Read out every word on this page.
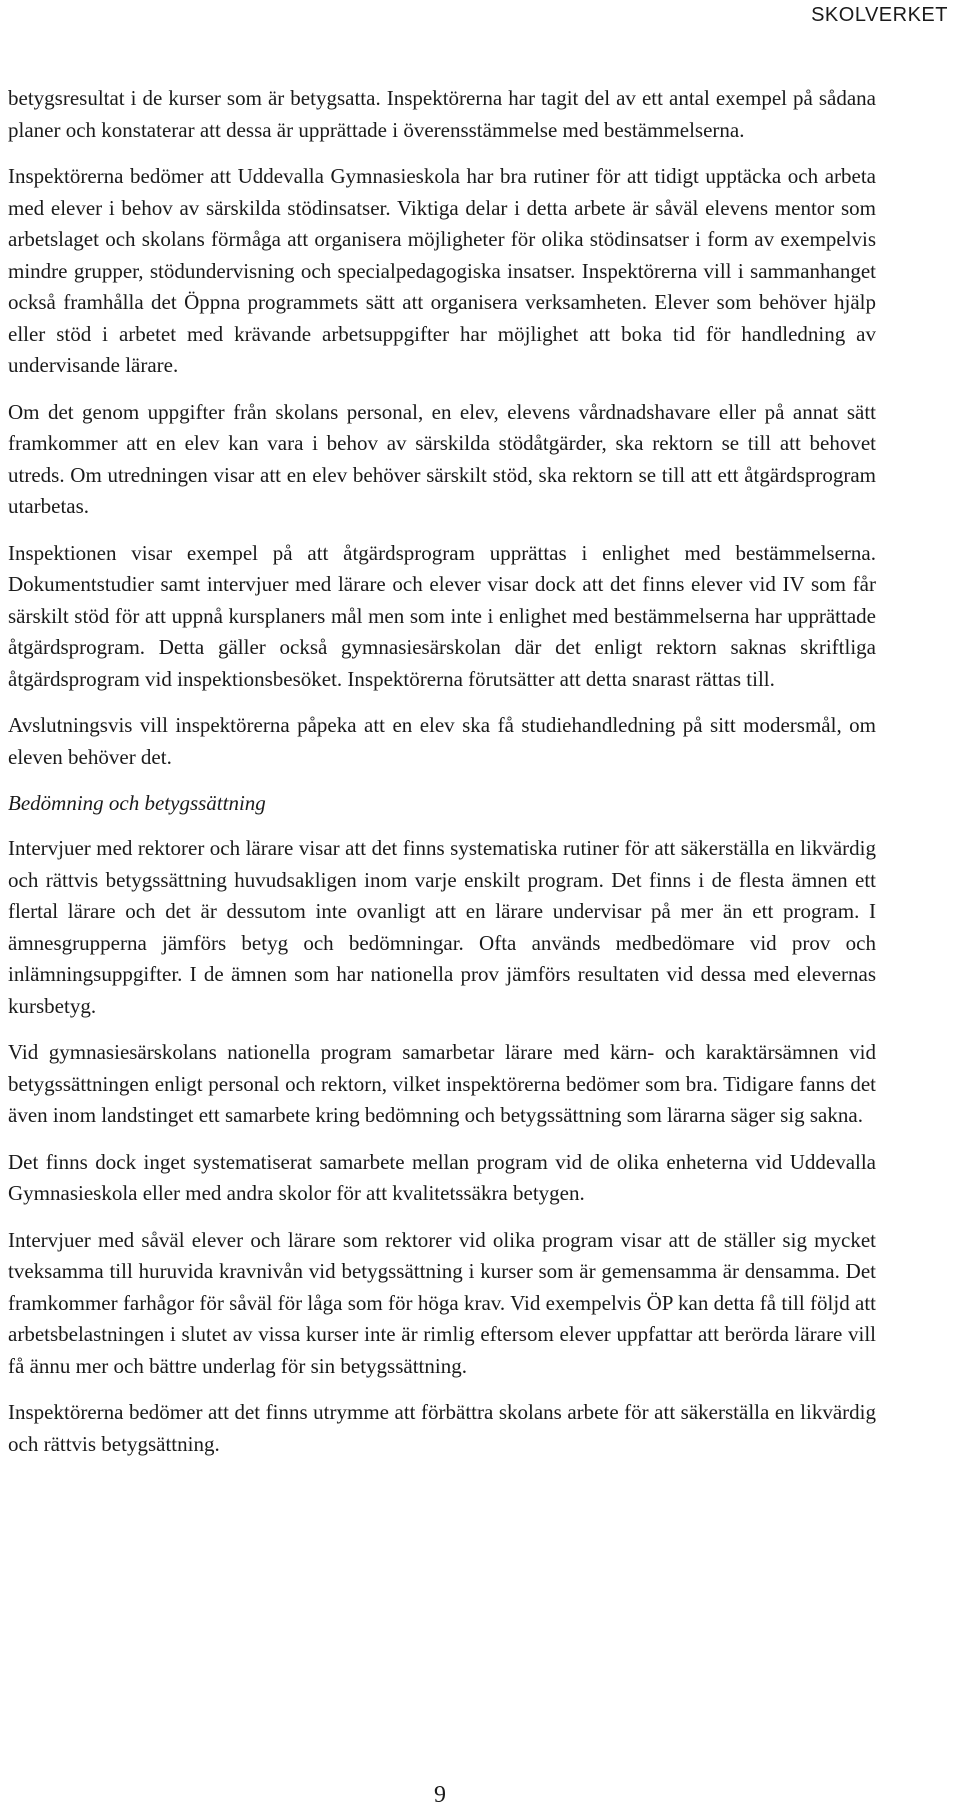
SKOLVERKET

betygsresultat i de kurser som är betygsatta. Inspektörerna har tagit del av ett antal exempel på sådana planer och konstaterar att dessa är upprättade i överensstämmelse med bestämmelserna.

Inspektörerna bedömer att Uddevalla Gymnasieskola har bra rutiner för att tidigt upptäcka och arbeta med elever i behov av särskilda stödinsatser. Viktiga delar i detta arbete är såväl elevens mentor som arbetslaget och skolans förmåga att organisera möjligheter för olika stödinsatser i form av exempelvis mindre grupper, stödundervisning och specialpedagogiska insatser. Inspektörerna vill i sammanhanget också framhålla det Öppna programmets sätt att organisera verksamheten. Elever som behöver hjälp eller stöd i arbetet med krävande arbetsuppgifter har möjlighet att boka tid för handledning av undervisande lärare.

Om det genom uppgifter från skolans personal, en elev, elevens vårdnadshavare eller på annat sätt framkommer att en elev kan vara i behov av särskilda stödåtgärder, ska rektorn se till att behovet utreds. Om utredningen visar att en elev behöver särskilt stöd, ska rektorn se till att ett åtgärdsprogram utarbetas.

Inspektionen visar exempel på att åtgärdsprogram upprättas i enlighet med bestämmelserna. Dokumentstudier samt intervjuer med lärare och elever visar dock att det finns elever vid IV som får särskilt stöd för att uppnå kursplaners mål men som inte i enlighet med bestämmelserna har upprättade åtgärdsprogram. Detta gäller också gymnasiesärskolan där det enligt rektorn saknas skriftliga åtgärdsprogram vid inspektionsbesöket. Inspektörerna förutsätter att detta snarast rättas till.

Avslutningsvis vill inspektörerna påpeka att en elev ska få studiehandledning på sitt modersmål, om eleven behöver det.

Bedömning och betygssättning

Intervjuer med rektorer och lärare visar att det finns systematiska rutiner för att säkerställa en likvärdig och rättvis betygssättning huvudsakligen inom varje enskilt program. Det finns i de flesta ämnen ett flertal lärare och det är dessutom inte ovanligt att en lärare undervisar på mer än ett program. I ämnesgrupperna jämförs betyg och bedömningar. Ofta används medbedömare vid prov och inlämningsuppgifter. I de ämnen som har nationella prov jämförs resultaten vid dessa med elevernas kursbetyg.

Vid gymnasiesärskolans nationella program samarbetar lärare med kärn- och karaktärsämnen vid betygssättningen enligt personal och rektorn, vilket inspektörerna bedömer som bra. Tidigare fanns det även inom landstinget ett samarbete kring bedömning och betygssättning som lärarna säger sig sakna.

Det finns dock inget systematiserat samarbete mellan program vid de olika enheterna vid Uddevalla Gymnasieskola eller med andra skolor för att kvalitetssäkra betygen.

Intervjuer med såväl elever och lärare som rektorer vid olika program visar att de ställer sig mycket tveksamma till huruvida kravnivån vid betygssättning i kurser som är gemensamma är densamma. Det framkommer farhågor för såväl för låga som för höga krav. Vid exempelvis ÖP kan detta få till följd att arbetsbelastningen i slutet av vissa kurser inte är rimlig eftersom elever uppfattar att berörda lärare vill få ännu mer och bättre underlag för sin betygssättning.

Inspektörerna bedömer att det finns utrymme att förbättra skolans arbete för att säkerställa en likvärdig och rättvis betygsättning.

9
